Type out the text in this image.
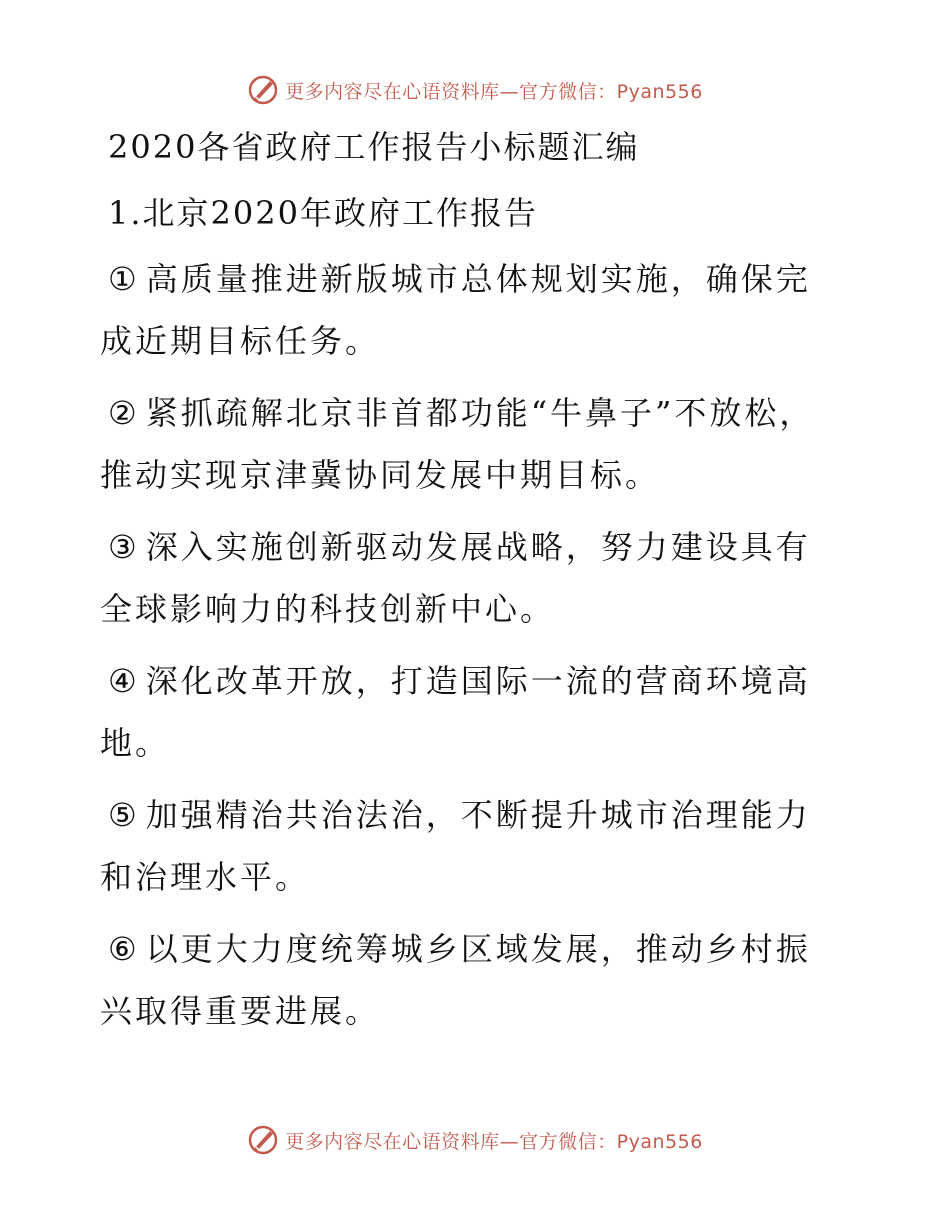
更多内容尽在心语资料库—官方微信：Pyan556
2020各省政府工作报告小标题汇编
1.北京2020年政府工作报告
① 高质量推进新版城市总体规划实施，确保完成近期目标任务。
② 紧抓疏解北京非首都功能“牛鼻子”不放松，推动实现京津冀协同发展中期目标。
③ 深入实施创新驱动发展战略，努力建设具有全球影响力的科技创新中心。
④ 深化改革开放，打造国际一流的营商环境高地。
⑤ 加强精治共治法治，不断提升城市治理能力和治理水平。
⑥ 以更大力度统筹城乡区域发展，推动乡村振兴取得重要进展。
更多内容尽在心语资料库—官方微信：Pyan556
